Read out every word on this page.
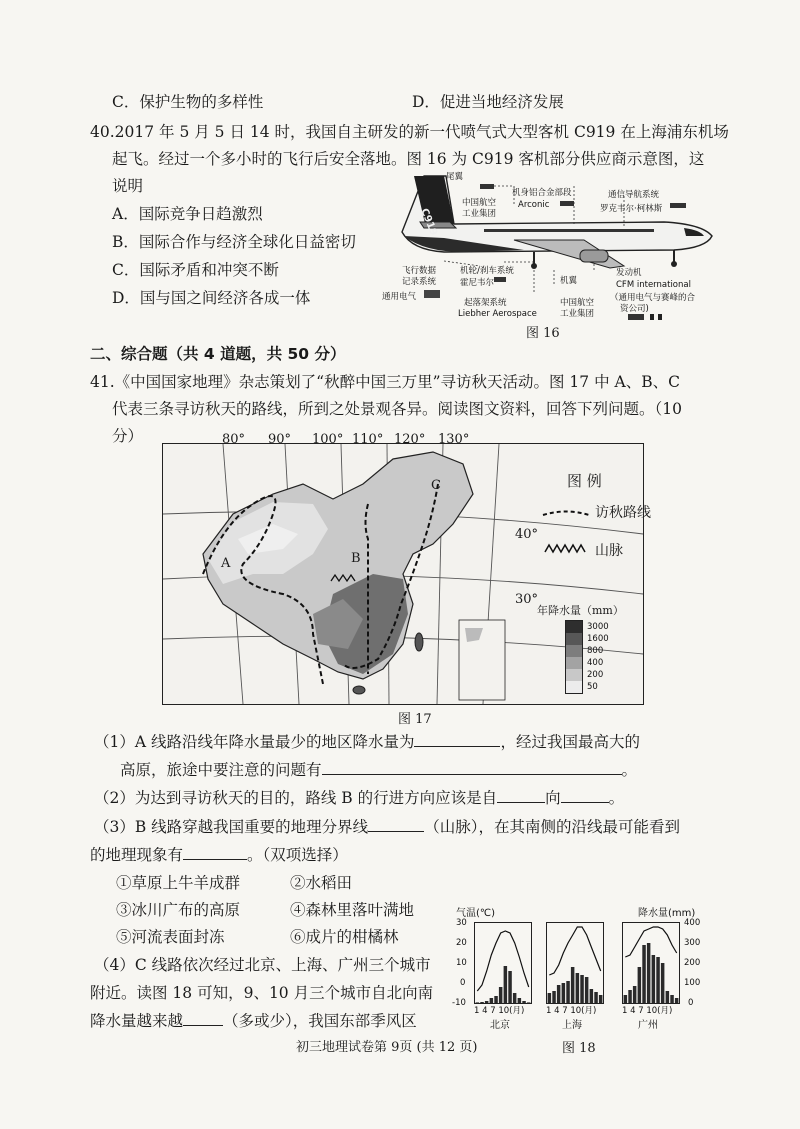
C．保护生物的多样性	D．促进当地经济发展
40.2017 年 5 月 5 日 14 时，我国自主研发的新一代喷气式大型客机 C919 在上海浦东机场
起飞。经过一个多小时的飞行后安全落地。图 16 为 C919 客机部分供应商示意图，这
说明
A．国际竞争日趋激烈
B．国际合作与经济全球化日益密切
C．国际矛盾和冲突不断
D．国与国之间经济各成一体
C919
尾翼
中国航空
工业集团
机身铝合金部段
Arconic
通信导航系统
罗克韦尔·柯林斯
飞行数据
记录系统
通用电气
机轮/刹车系统
霍尼韦尔
起落架系统
Liebher Aerospace
机翼
中国航空
工业集团
发动机
CFM international
（通用电气与赛峰的合
资公司)
图 16
二、综合题（共 4 道题，共 50 分）
41.《中国国家地理》杂志策划了“秋醉中国三万里”寻访秋天活动。图 17 中 A、B、C
代表三条寻访秋天的路线，所到之处景观各异。阅读图文资料，回答下列问题。（10
分）
A	B
C	图 例
访秋路线
山脉
年降水量（mm）
3000
1600
800
400
200
50
40°
30°
80° 90° 100° 110° 120° 130°
图 17
（1）A 线路沿线年降水量最少的地区降水量为	，经过我国最高大的
高原，旅途中要注意的问题有	。
（2）为达到寻访秋天的目的，路线 B 的行进方向应该是自	向	。
（3）B 线路穿越我国重要的地理分界线	（山脉），在其南侧的沿线最可能看到
的地理现象有	。（双项选择）
①草原上牛羊成群	②水稻田
③冰川广布的高原	④森林里落叶满地
⑤河流表面封冻	⑥成片的柑橘林
（4）C 线路依次经过北京、上海、广州三个城市
附近。读图 18 可知，9、10 月三个城市自北向南
降水量越来越	（多或少），我国东部季风区
气温(℃)	降水量(mm)
30
20
10
0
-10
400
300
200
100
0
1 4 7 10(月)	1 4 7 10(月)	1 4 7 10(月)
北京	上海	广州
图 18
初三地理试卷第 9页 (共 12 页)
